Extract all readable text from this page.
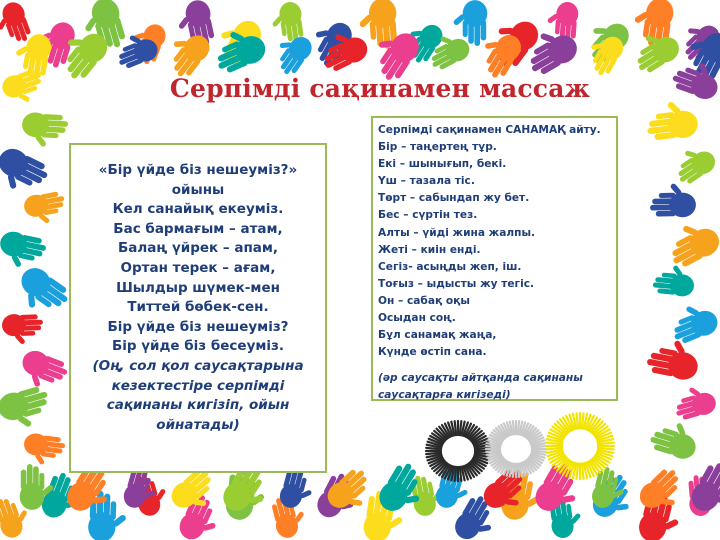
Серпімді сақинамен массаж
«Бір үйде біз нешеуміз?»
ойыны
Кел санайық екеуміз.
Бас бармағым – атам,
Балаң үйрек – апам,
Ортан терек – ағам,
Шылдыр шүмек-мен
Титтей бөбек-сен.
Бір үйде біз нешеуміз?
Бір үйде біз бесеуміз.
(Оң, сол қол саусақтарына кезектестіре серпімді сақинаны кигізіп, ойын ойнатады)
Серпімді сақинамен САНАМАҚ айту.
Бір – таңертең тұр.
Екі – шынығып, бекі.
Үш – тазала тіс.
Төрт – сабындап жу бет.
Бес – сүртін тез.
Алты – үйді жина жалпы.
Жеті – киін енді.
Сегіз- асыңды жеп, іш.
Тоғыз – ыдысты жу тегіс.
Он – сабақ оқы
Осыдан соң.
Бұл санамақ жаңа,
Күнде өстіп сана.
(әр саусақты айтқанда сақинаны саусақтарға кигізеді)
